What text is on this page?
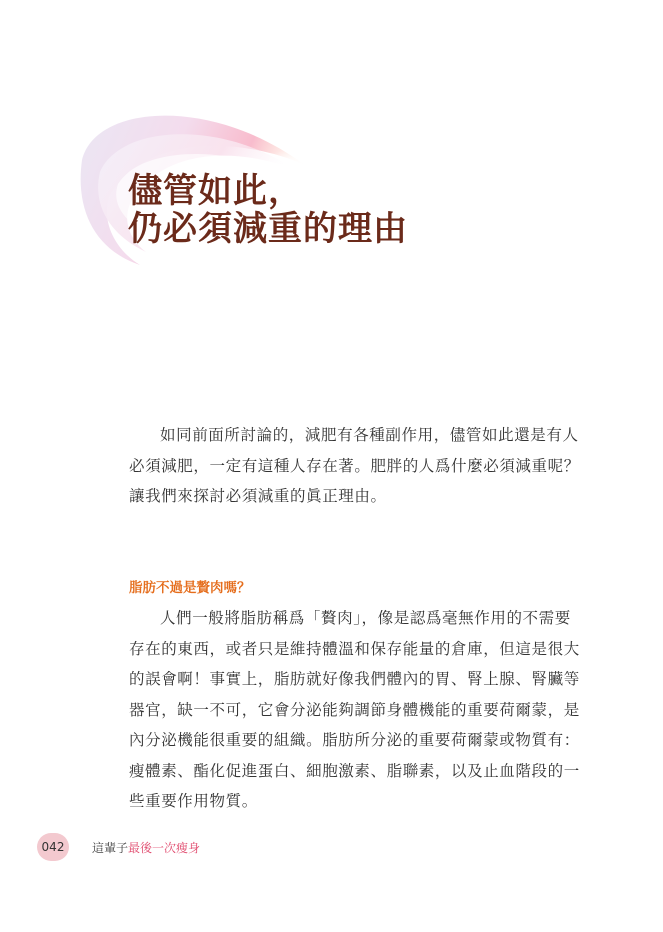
儘管如此，
仍必須減重的理由

如同前面所討論的，減肥有各種副作用，儘管如此還是有人
必須減肥，一定有這種人存在著。肥胖的人爲什麼必須減重呢？
讓我們來探討必須減重的眞正理由。

脂肪不過是贅肉嗎？

人們一般將脂肪稱爲「贅肉」，像是認爲毫無作用的不需要
存在的東西，或者只是維持體溫和保存能量的倉庫，但這是很大
的誤會啊！事實上，脂肪就好像我們體內的胃、腎上腺、腎臟等
器官，缺一不可，它會分泌能夠調節身體機能的重要荷爾蒙，是
內分泌機能很重要的組織。脂肪所分泌的重要荷爾蒙或物質有：
瘦體素、酯化促進蛋白、細胞激素、脂聯素，以及止血階段的一
些重要作用物質。

042	這輩子最後一次瘦身
